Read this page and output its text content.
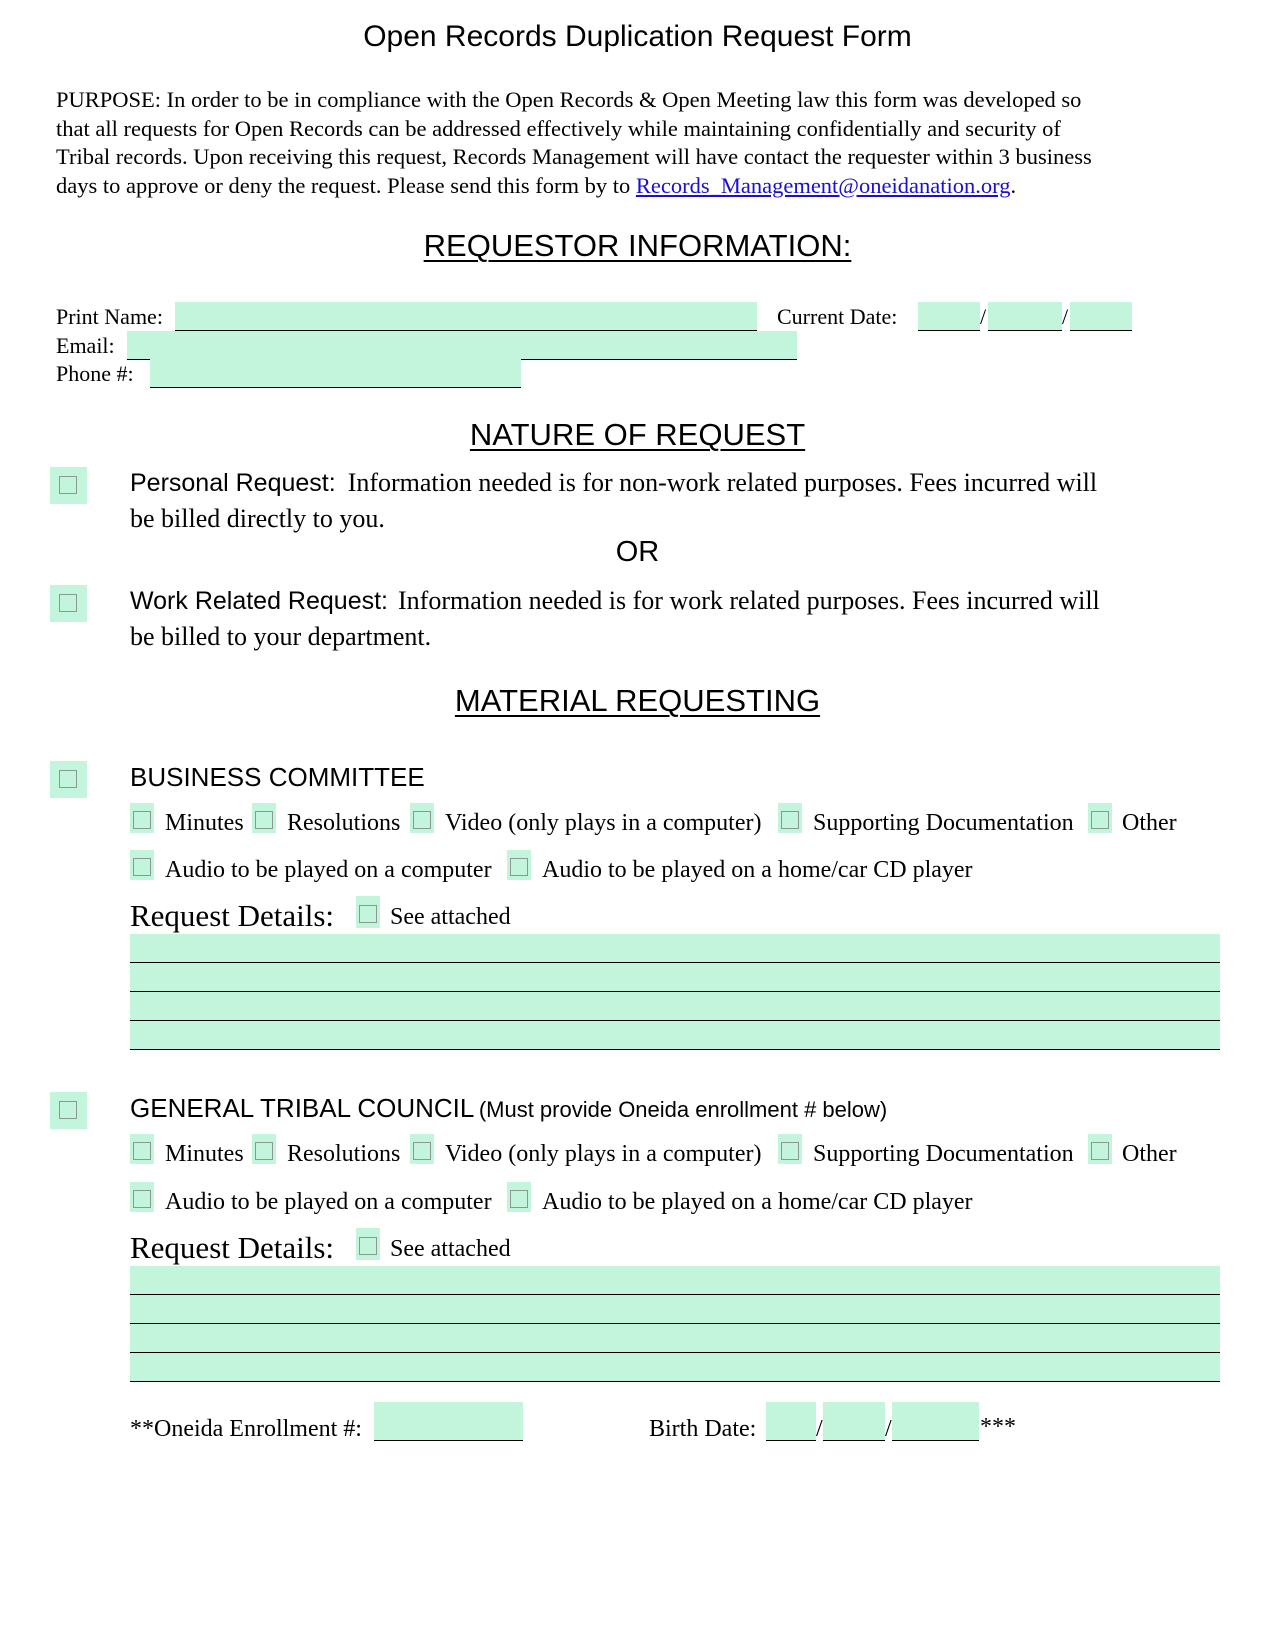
Open Records Duplication Request Form

PURPOSE: In order to be in compliance with the Open Records & Open Meeting law this form was developed so

that all requests for Open Records can be addressed effectively while maintaining confidentially and security of

Tribal records. Upon receiving this request, Records Management will have contact the requester within 3 business

days to approve or deny the request. Please send this form by to Records_Management@oneidanation.org.

REQUESTOR INFORMATION:
Print Name:	Current Date:	/	/
Email:
Phone #:
NATURE OF REQUEST
Personal Request: Information needed is for non-work related purposes. Fees incurred will
be billed directly to you.
OR
Work Related Request: Information needed is for work related purposes. Fees incurred will
be billed to your department.
MATERIAL REQUESTING
BUSINESS COMMITTEE
Minutes Resolutions Video (only plays in a computer) Supporting Documentation Other
Audio to be played on a computer Audio to be played on a home/car CD player
Request Details: See attached
GENERAL TRIBAL COUNCIL (Must provide Oneida enrollment # below)
Minutes Resolutions Video (only plays in a computer) Supporting Documentation Other
Audio to be played on a computer Audio to be played on a home/car CD player
Request Details: See attached
**Oneida Enrollment #:	Birth Date: /	/	***
